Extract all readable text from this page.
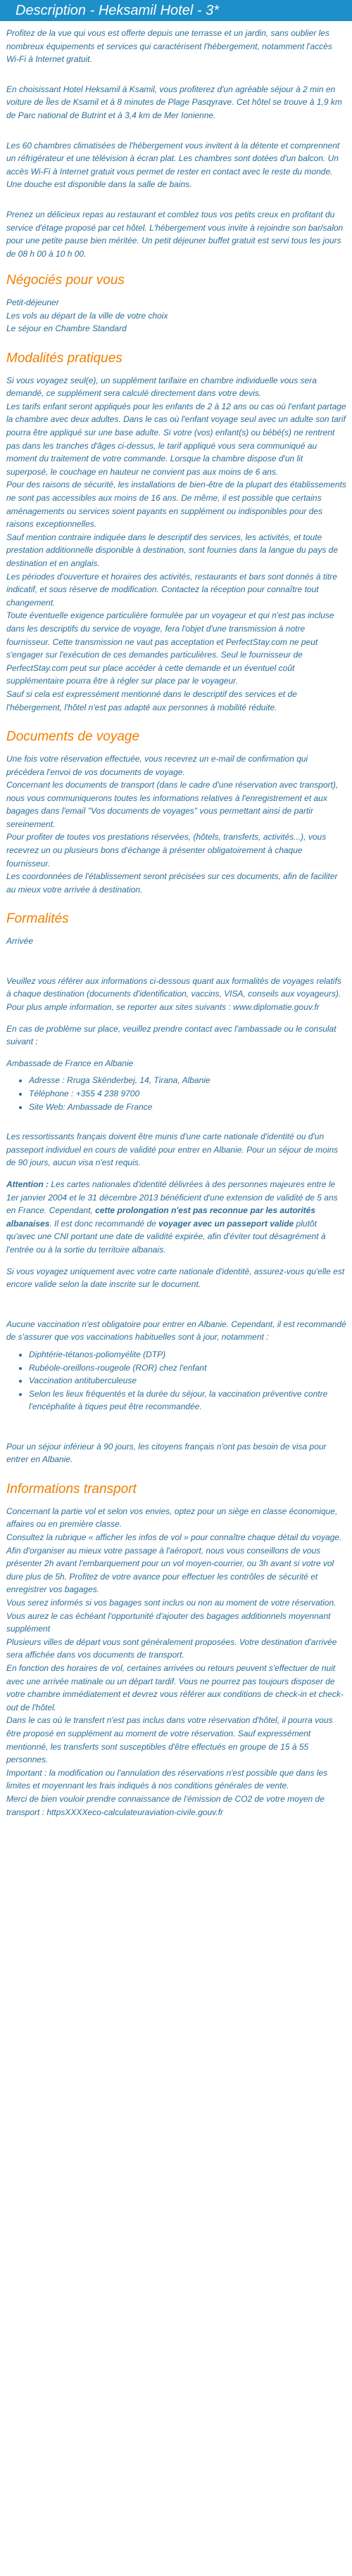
Description - Heksamil Hotel - 3*

Profitez de la vue qui vous est offerte depuis une terrasse et un jardin, sans oublier les nombreux équipements et services qui caractérisent l'hébergement, notamment l'accès Wi-Fi à Internet gratuit.

En choisissant Hotel Heksamil à Ksamil, vous profiterez d'un agréable séjour à 2 min en voiture de Îles de Ksamil et à 8 minutes de Plage Pasqyrave. Cet hôtel se trouve à 1,9 km de Parc national de Butrint et à 3,4 km de Mer Ionienne.

Les 60 chambres climatisées de l'hébergement vous invitent à la détente et comprennent un réfrigérateur et une télévision à écran plat. Les chambres sont dotées d'un balcon. Un accès Wi-Fi à Internet gratuit vous permet de rester en contact avec le reste du monde. Une douche est disponible dans la salle de bains.

Prenez un délicieux repas au restaurant et comblez tous vos petits creux en profitant du service d'étage proposé par cet hôtel. L'hébergement vous invite à rejoindre son bar/salon pour une petite pause bien méritée. Un petit déjeuner buffet gratuit est servi tous les jours de 08 h 00 à 10 h 00.

Négociés pour vous

Petit-déjeuner

Les vols au départ de la ville de votre choix

Le séjour en Chambre Standard

Modalités pratiques

Si vous voyagez seul(e), un supplément tarifaire en chambre individuelle vous sera demandé, ce supplément sera calculé directement dans votre devis.

Les tarifs enfant seront appliqués pour les enfants de 2 à 12 ans ou cas où l'enfant partage la chambre avec deux adultes. Dans le cas où l'enfant voyage seul avec un adulte son tarif pourra être appliqué sur une base adulte. Si votre (vos) enfant(s) ou bébé(s) ne rentrent pas dans les tranches d'âges ci-dessus, le tarif appliqué vous sera communiqué au moment du traitement de votre commande. Lorsque la chambre dispose d'un lit superposé, le couchage en hauteur ne convient pas aux moins de 6 ans.

Pour des raisons de sécurité, les installations de bien-être de la plupart des établissements ne sont pas accessibles aux moins de 16 ans. De même, il est possible que certains aménagements ou services soient payants en supplément ou indisponibles pour des raisons exceptionnelles.

Sauf mention contraire indiquée dans le descriptif des services, les activités, et toute prestation additionnelle disponible à destination, sont fournies dans la langue du pays de destination et en anglais.

Les périodes d'ouverture et horaires des activités, restaurants et bars sont donnés à titre indicatif, et sous réserve de modification. Contactez la réception pour connaître tout changement.

Toute éventuelle exigence particulière formulée par un voyageur et qui n'est pas incluse dans les descriptifs du service de voyage, fera l'objet d'une transmission à notre fournisseur. Cette transmission ne vaut pas acceptation et PerfectStay.com ne peut s'engager sur l'exécution de ces demandes particulières. Seul le fournisseur de PerfectStay.com peut sur place accéder à cette demande et un éventuel coût supplémentaire pourra être à régler sur place par le voyageur.

Sauf si cela est expressément mentionné dans le descriptif des services et de l'hébergement, l'hôtel n'est pas adapté aux personnes à mobilité réduite.

Documents de voyage

Une fois votre réservation effectuée, vous recevrez un e-mail de confirmation qui précédera l'envoi de vos documents de voyage.

Concernant les documents de transport (dans le cadre d'une réservation avec transport), nous vous communiquerons toutes les informations relatives à l'enregistrement et aux bagages dans l'email "Vos documents de voyages" vous permettant ainsi de partir sereinement.

Pour profiter de toutes vos prestations réservées, (hôtels, transferts, activités...), vous recevrez un ou plusieurs bons d'échange à présenter obligatoirement à chaque fournisseur.

Les coordonnées de l'établissement seront précisées sur ces documents, afin de faciliter au mieux votre arrivée à destination.

Formalités

Arrivée

Veuillez vous référer aux informations ci-dessous quant aux formalités de voyages relatifs à chaque destination (documents d'identification, vaccins, VISA, conseils aux voyageurs).

Pour plus ample information, se reporter aux sites suivants : www.diplomatie.gouv.fr

En cas de problème sur place, veuillez prendre contact avec l'ambassade ou le consulat suivant :

Ambassade de France en Albanie

• Adresse : Rruga Skënderbej, 14, Tirana, Albanie
• Téléphone : +355 4 238 9700
• Site Web: Ambassade de France

Les ressortissants français doivent être munis d'une carte nationale d'identité ou d'un passeport individuel en cours de validité pour entrer en Albanie. Pour un séjour de moins de 90 jours, aucun visa n'est requis.

Attention : Les cartes nationales d'identité délivrées à des personnes majeures entre le 1er janvier 2004 et le 31 décembre 2013 bénéficient d'une extension de validité de 5 ans en France. Cependant, cette prolongation n'est pas reconnue par les autorités albanaises. Il est donc recommandé de voyager avec un passeport valide plutôt qu'avec une CNI portant une date de validité expirée, afin d'éviter tout désagrément à l'entrée ou à la sortie du territoire albanais.

Si vous voyagez uniquement avec votre carte nationale d'identité, assurez-vous qu'elle est encore valide selon la date inscrite sur le document.

Aucune vaccination n'est obligatoire pour entrer en Albanie. Cependant, il est recommandé de s'assurer que vos vaccinations habituelles sont à jour, notamment :

• Diphtérie-tétanos-poliomyélite (DTP)
• Rubéole-oreillons-rougeole (ROR) chez l'enfant
• Vaccination antituberculeuse
• Selon les lieux fréquentés et la durée du séjour, la vaccination préventive contre l'encéphalite à tiques peut être recommandée.

Pour un séjour inférieur à 90 jours, les citoyens français n'ont pas besoin de visa pour entrer en Albanie.

Informations transport

Concernant la partie vol et selon vos envies, optez pour un siège en classe économique, affaires ou en première classe.

Consultez la rubrique « afficher les infos de vol » pour connaître chaque détail du voyage.

Afin d'organiser au mieux votre passage à l'aéroport, nous vous conseillons de vous présenter 2h avant l'embarquement pour un vol moyen-courrier, ou 3h avant si votre vol dure plus de 5h. Profitez de votre avance pour effectuer les contrôles de sécurité et enregistrer vos bagages.

Vous serez informés si vos bagages sont inclus ou non au moment de votre réservation.

Vous aurez le cas échéant l'opportunité d'ajouter des bagages additionnels moyennant supplément

Plusieurs villes de départ vous sont généralement proposées. Votre destination d'arrivée sera affichée dans vos documents de transport.

En fonction des horaires de vol, certaines arrivées ou retours peuvent s'effectuer de nuit avec une arrivée matinale ou un départ tardif. Vous ne pourrez pas toujours disposer de votre chambre immédiatement et devrez vous référer aux conditions de check-in et check-out de l'hôtel.

Dans le cas où le transfert n'est pas inclus dans votre réservation d'hôtel, il pourra vous être proposé en supplément au moment de votre réservation. Sauf expressément mentionné, les transferts sont susceptibles d'être effectués en groupe de 15 à 55 personnes.

Important : la modification ou l'annulation des réservations n'est possible que dans les limites et moyennant les frais indiqués à nos conditions générales de vente.

Merci de bien vouloir prendre connaissance de l'émission de CO2 de votre moyen de transport : httpsXXXXeco-calculateuraviation-civile.gouv.fr
